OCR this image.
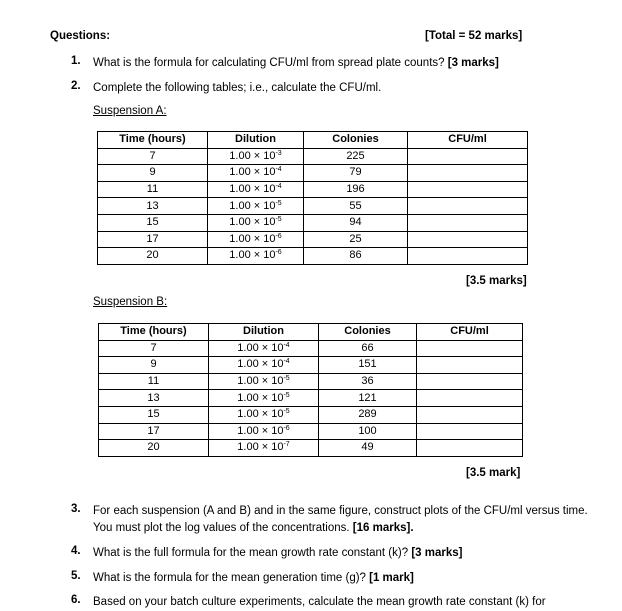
Questions:	[Total = 52 marks]
1.	What is the formula for calculating CFU/ml from spread plate counts? [3 marks]
2.	Complete the following tables; i.e., calculate the CFU/ml.
Suspension A:
Time (hours)	Dilution	Colonies	CFU/ml
7	$1.00 \times 10^{-3}$	225	
9	$1.00 \times 10^{-4}$	79	
11	$1.00 \times 10^{-4}$	196	
13	$1.00 \times 10^{-5}$	55	
15	$1.00 \times 10^{-5}$	94	
17	$1.00 \times 10^{-6}$	25	
20	$1.00 \times 10^{-6}$	86	
[3.5 marks]
Suspension B:
Time (hours)	Dilution	Colonies	CFU/ml
7	$1.00 \times 10^{-4}$	66	
9	$1.00 \times 10^{-4}$	151	
11	$1.00 \times 10^{-5}$	36	
13	$1.00 \times 10^{-5}$	121	
15	$1.00 \times 10^{-5}$	289	
17	$1.00 \times 10^{-6}$	100	
20	$1.00 \times 10^{-7}$	49	
[3.5 mark]
3.	For each suspension (A and B) and in the same figure, construct plots of the CFU/ml versus time. You must plot the log values of the concentrations. [16 marks].
4.	What is the full formula for the mean growth rate constant (k)? [3 marks]
5.	What is the formula for the mean generation time (g)? [1 mark]
6.	Based on your batch culture experiments, calculate the mean growth rate constant (k) for
